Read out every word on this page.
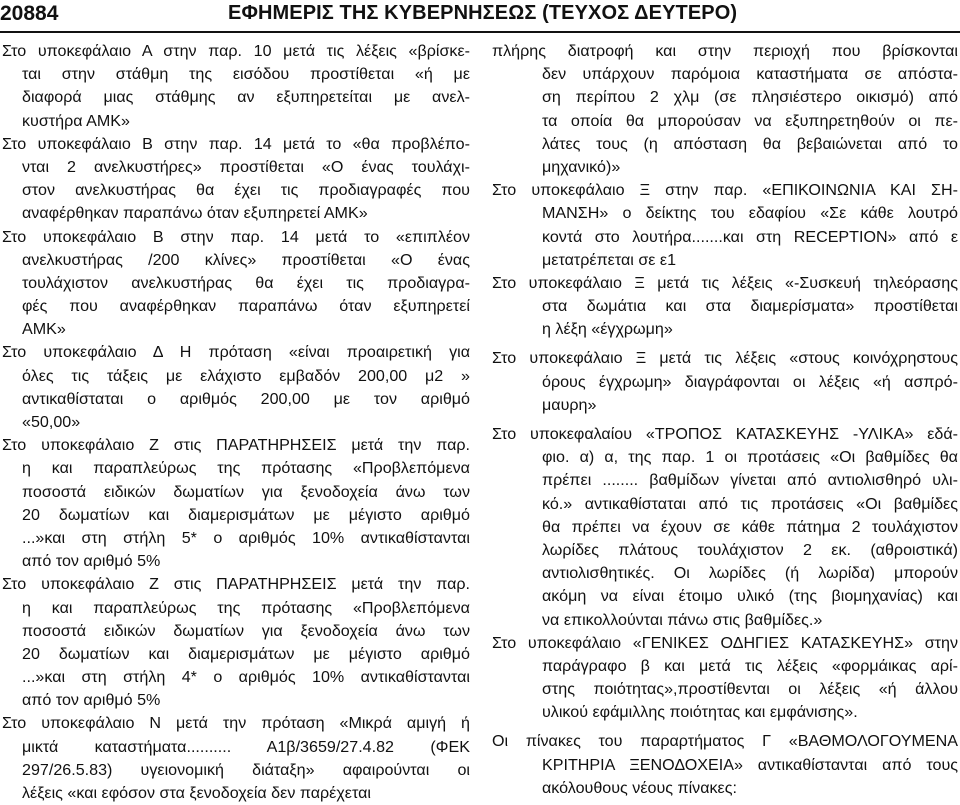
20884	ΕΦΗΜΕΡΙΣ ΤΗΣ ΚΥΒΕΡΝΗΣΕΩΣ (ΤΕΥΧΟΣ ΔΕΥΤΕΡΟ)
Στο υποκεφάλαιο Α στην παρ. 10 μετά τις λέξεις «βρίσκε-
ται στην στάθμη της εισόδου προστίθεται «ή με
διαφορά μιας στάθμης αν εξυπηρετείται με ανελ-
κυστήρα ΑΜΚ»
Στο υποκεφάλαιο Β στην παρ. 14 μετά το «θα προβλέπο-
νται 2 ανελκυστήρες» προστίθεται «Ο ένας τουλάχι-
στον ανελκυστήρας θα έχει τις προδιαγραφές που
αναφέρθηκαν παραπάνω όταν εξυπηρετεί ΑΜΚ»
Στο υποκεφάλαιο Β στην παρ. 14 μετά το «επιπλέον
ανελκυστήρας /200 κλίνες» προστίθεται «Ο ένας
τουλάχιστον ανελκυστήρας θα έχει τις προδιαγρα-
φές που αναφέρθηκαν παραπάνω όταν εξυπηρετεί
ΑΜΚ»
Στο υποκεφάλαιο Δ Η πρόταση «είναι προαιρετική για
όλες τις τάξεις με ελάχιστο εμβαδόν 200,00 μ2 »
αντικαθίσταται ο αριθμός 200,00 με τον αριθμό
«50,00»
Στο υποκεφάλαιο Ζ στις ΠΑΡΑΤΗΡΗΣΕΙΣ μετά την παρ.
η και παραπλεύρως της πρότασης «Προβλεπόμενα
ποσοστά ειδικών δωματίων για ξενοδοχεία άνω των
20 δωματίων και διαμερισμάτων με μέγιστο αριθμό
...»και στη στήλη 5* ο αριθμός 10% αντικαθίστανται
από τον αριθμό 5%
Στο υποκεφάλαιο Ζ στις ΠΑΡΑΤΗΡΗΣΕΙΣ μετά την παρ.
η και παραπλεύρως της πρότασης «Προβλεπόμενα
ποσοστά ειδικών δωματίων για ξενοδοχεία άνω των
20 δωματίων και διαμερισμάτων με μέγιστο αριθμό
...»και στη στήλη 4* ο αριθμός 10% αντικαθίστανται
από τον αριθμό 5%
Στο υποκεφάλαιο Ν μετά την πρόταση «Μικρά αμιγή ή
μικτά καταστήματα.......... Α1β/3659/27.4.82 (ΦΕΚ
297/26.5.83) υγειονομική διάταξη» αφαιρούνται οι
λέξεις «και εφόσον στα ξενοδοχεία δεν παρέχεται
πλήρης διατροφή και στην περιοχή που βρίσκονται
δεν υπάρχουν παρόμοια καταστήματα σε απόστα-
ση περίπου 2 χλμ (σε πλησιέστερο οικισμό) από
τα οποία θα μπορούσαν να εξυπηρετηθούν οι πε-
λάτες τους (η απόσταση θα βεβαιώνεται από το
μηχανικό)»
Στο υποκεφάλαιο Ξ στην παρ. «ΕΠΙΚΟΙΝΩΝΙΑ ΚΑΙ ΣΗ-
ΜΑΝΣΗ» ο δείκτης του εδαφίου «Σε κάθε λουτρό
κοντά στο λουτήρα.......και στη RECEPTION» από ε
μετατρέπεται σε ε1
Στο υποκεφάλαιο Ξ μετά τις λέξεις «-Συσκευή τηλεόρασης
στα δωμάτια και στα διαμερίσματα» προστίθεται
η λέξη «έγχρωμη»
Στο υποκεφάλαιο Ξ μετά τις λέξεις «στους κοινόχρηστους
όρους έγχρωμη» διαγράφονται οι λέξεις «ή ασπρό-
μαυρη»
Στο υποκεφαλαίου «ΤΡΟΠΟΣ ΚΑΤΑΣΚΕΥΗΣ -ΥΛΙΚΑ» εδά-
φιο. α) α, της παρ. 1 οι προτάσεις «Οι βαθμίδες θα
πρέπει ........ βαθμίδων γίνεται από αντιολισθηρό υλι-
κό.» αντικαθίσταται από τις προτάσεις «Οι βαθμίδες
θα πρέπει να έχουν σε κάθε πάτημα 2 τουλάχιστον
λωρίδες πλάτους τουλάχιστον 2 εκ. (αθροιστικά)
αντιολισθητικές. Οι λωρίδες (ή λωρίδα) μπορούν
ακόμη να είναι έτοιμο υλικό (της βιομηχανίας) και
να επικολλούνται πάνω στις βαθμίδες.»
Στο υποκεφάλαιο «ΓΕΝΙΚΕΣ ΟΔΗΓΙΕΣ ΚΑΤΑΣΚΕΥΗΣ» στην
παράγραφο β και μετά τις λέξεις «φορμάικας αρί-
στης ποιότητας»,προστίθενται οι λέξεις «ή άλλου
υλικού εφάμιλλης ποιότητας και εμφάνισης».
Οι πίνακες του παραρτήματος Γ «ΒΑΘΜΟΛΟΓΟΥΜΕΝΑ
ΚΡΙΤΗΡΙΑ ΞΕΝΟΔΟΧΕΙΑ» αντικαθίστανται από τους
ακόλουθους νέους πίνακες:
